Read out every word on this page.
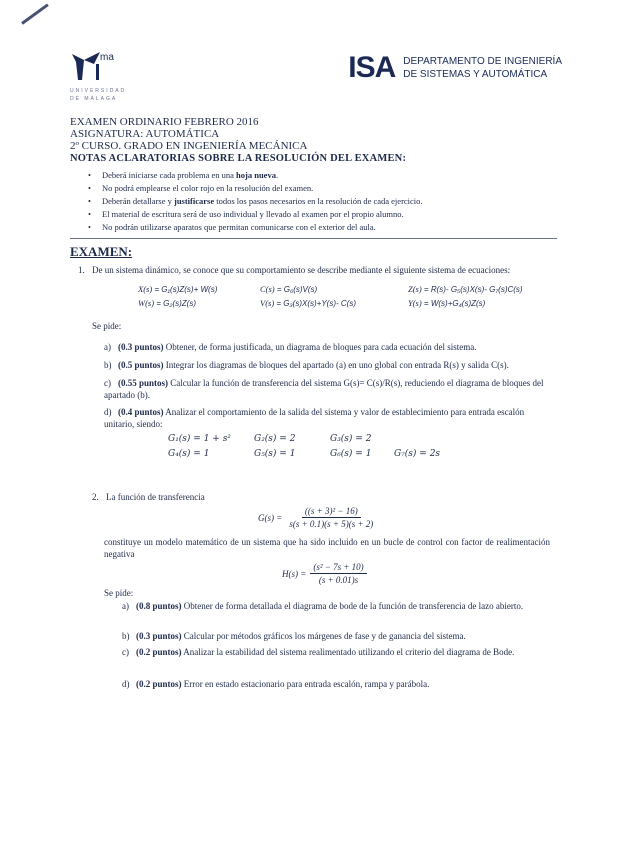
ma
UNIVERSIDAD
DE MÁLAGA
ISA DEPARTAMENTO DE INGENIERÍA
DE SISTEMAS Y AUTOMÁTICA
EXAMEN ORDINARIO FEBRERO 2016
ASIGNATURA: AUTOMÁTICA
2º CURSO. GRADO EN INGENIERÍA MECÁNICA
NOTAS ACLARATORIAS SOBRE LA RESOLUCIÓN DEL EXAMEN:
• Deberá iniciarse cada problema en una hoja nueva.
• No podrá emplearse el color rojo en la resolución del examen.
• Deberán detallarse y justificarse todos los pasos necesarios en la resolución de cada ejercicio.
• El material de escritura será de uso individual y llevado al examen por el propio alumno.
• No podrán utilizarse aparatos que permitan comunicarse con el exterior del aula.
EXAMEN:
1. De un sistema dinámico, se conoce que su comportamiento se describe mediante el siguiente sistema de ecuaciones:
X(s) = G₁(s)Z(s)+ W(s)	C(s) = G₆(s)V(s)	Z(s) = R(s)- G₅(s)X(s)- G₇(s)C(s)
W(s) = G₂(s)Z(s)	V(s) = G₃(s)X(s)+Y(s)- C(s)	Y(s) = W(s)+G₄(s)Z(s)
Se pide:
a) (0.3 puntos) Obtener, de forma justificada, un diagrama de bloques para cada ecuación del sistema.
b) (0.5 puntos) Integrar los diagramas de bloques del apartado (a) en uno global con entrada R(s) y salida C(s).
c) (0.55 puntos) Calcular la función de transferencia del sistema G(s)= C(s)/R(s), reduciendo el diagrama de bloques del apartado (b).
d) (0.4 puntos) Analizar el comportamiento de la salida del sistema y valor de establecimiento para entrada escalón unitario, siendo:
G₁(s) = 1 + s²	G₂(s) = 2	G₃(s) = 2
G₄(s) = 1	G₅(s) = 1	G₆(s) = 1	G₇(s) = 2s
2. La función de transferencia
$G(s) = \frac{\text{((s + 3)² − 16)}}{s(s + 0.1)(s + 5)(s + 2)}$
constituye un modelo matemático de un sistema que ha sido incluido en un bucle de control con factor de realimentación negativa
$H(s) = \frac{\text{(s² − 7s + 10)}}{(s + 0.01)s}$
Se pide:
a) (0.8 puntos) Obtener de forma detallada el diagrama de bode de la función de transferencia de lazo abierto.
b) (0.3 puntos) Calcular por métodos gráficos los márgenes de fase y de ganancia del sistema.
c) (0.2 puntos) Analizar la estabilidad del sistema realimentado utilizando el criterio del diagrama de Bode.
d) (0.2 puntos) Error en estado estacionario para entrada escalón, rampa y parábola.
